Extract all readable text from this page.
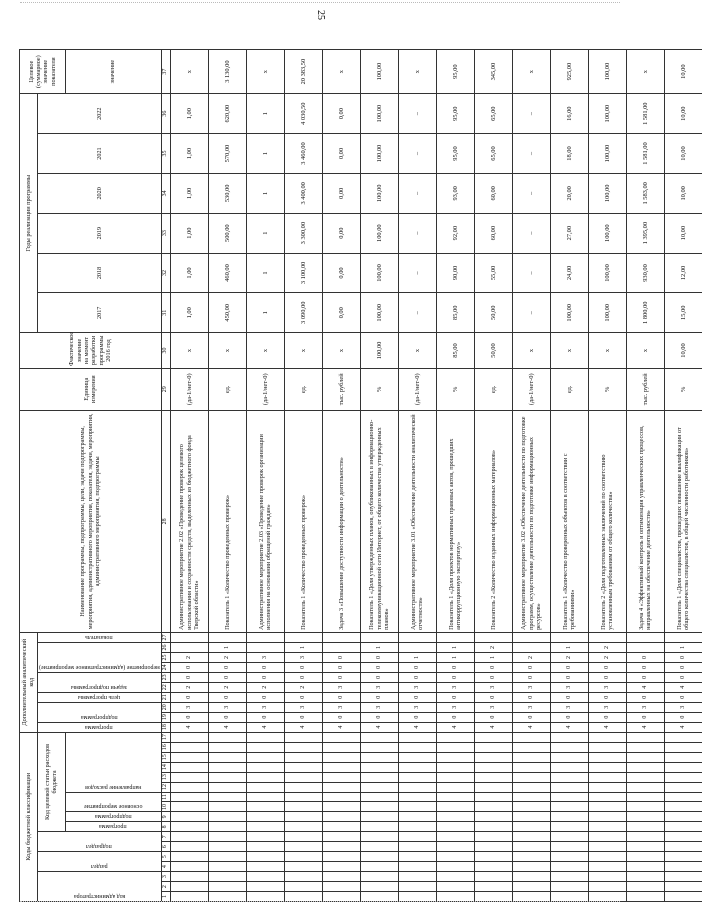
25
Коды бюджетной классификации																	Дополнительный аналитический код										Наименование программы, подпрограммы, цели, задачи подпрограммы, мероприятия, административного мероприятия, показателя, задачи, мероприятия, административного мероприятия, подпрограммы	Единица измерения	Фактическое значение на момент разработки программы 2016 год	Годы реализации программы						Целевое (суммарное) значение показателя

код администратора			раздел		подраздел		Код целевой статьи расходов бюджета										программа	подпрограмма		цель программы	задачи подпрограммы		мероприятие (административное мероприятие)			показатель				2017	2018	2019	2020	2021	2022	

							программа	подпрограмма	основное мероприятие		направление расходов																									значение
1	2	3	4	5	6	7	8	9	10	11	12	13	14	15	16	17	18	19	20	21	22	23	24	25	26	27	28	29	30	31	32	33	34	35	36	37
																	4	0	3	0	2	0	0	2			Административное мероприятие 2.02 «Проведение проверок целевого использования и сохранности средств, выделенных из бюджетного фонда Тверской области»	(да-1/нет-0)	х	1,00	1,00	1,00	1,00	1,00	1,00	х
																	4	0	3	0	2	0	0	2	1		Показатель 1 «Количество проведенных проверок»	ед.	х	450,00	460,00	500,00	530,00	570,00	620,00	3 130,00
																	4	0	3	0	2	0	0	3			Административное мероприятие 2.03 «Проведение проверок организации исполнения на основании обращений граждан»	(да-1/нет-0)	х	1	1	1	1	1	1	х
																	4	0	3	0	2	0	0	3	1		Показатель 1 «Количество проведенных проверок»	ед.	х	3 090,00	3 100,00	3 300,00	3 400,00	3 460,00	4 030,50	20 383,50
																	4	0	3	0	3	0	0	0			Задача 3 «Повышение доступности информации о деятельности»	тыс. рублей	х	0,00	0,00	0,00	0,00	0,00	0,00	х
																	4	0	3	0	3	0	0	0	1		Показатель 1 «Доля утвержденных планов, опубликованных в информационно-телекоммуникационной сети Интернет, от общего количества утвержденных планов»	%	100,00	100,00	100,00	100,00	100,00	100,00	100,00	100,00
																	4	0	3	0	3	0	0	1			Административное мероприятие 3.01 «Обеспечение деятельности аналитической отчетности»	(да-1/нет-0)	х	–	–	–	–	–	–	х
																	4	0	3	0	3	0	0	1	1		Показатель 1 «Доля проектов нормативных правовых актов, прошедших антикоррупционную экспертизу»	%	85,00	85,00	90,00	92,00	93,00	95,00	95,00	95,00
																	4	0	3	0	3	0	0	1	2		Показатель 2 «Количество изданных информационных материалов»	ед.	50,00	50,00	55,00	60,00	60,00	65,00	65,00	345,00
																	4	0	3	0	3	0	0	2			Административное мероприятие 3.02 «Обеспечение деятельности по подготовке программ, осуществление деятельности по подготовке информационных ресурсов»	(да-1/нет-0)	х	–	–	–	–	–	–	х
																	4	0	3	0	3	0	0	2	1		Показатель 1 «Количество проверенных объектов в соответствии с требованиями»	ед.	х	100,00	24,00	27,00	20,00	18,00	16,00	925,00
																	4	0	3	0	3	0	0	2	2		Показатель 2 «Доля подготовленных заключений по соответствию установленным требованиям от общего количества»	%	х	100,00	100,00	100,00	100,00	100,00	100,00	100,00
																	4	0	3	0	4	0	0	0			Задача 4 «Эффективный контроль и оптимизация управленческих процессов, направленных на обеспечение деятельности»	тыс. рублей	х	1 800,00	930,00	1 395,00	1 583,00	1 581,00	1 581,00	х
																	4	0	3	0	4	0	0	0	1		Показатель 1 «Доля специалистов, прошедших повышение квалификации от общего количества специалистов, в общей численности работников»	%	10,00	15,00	12,00	10,00	10,00	10,00	10,00	10,00
